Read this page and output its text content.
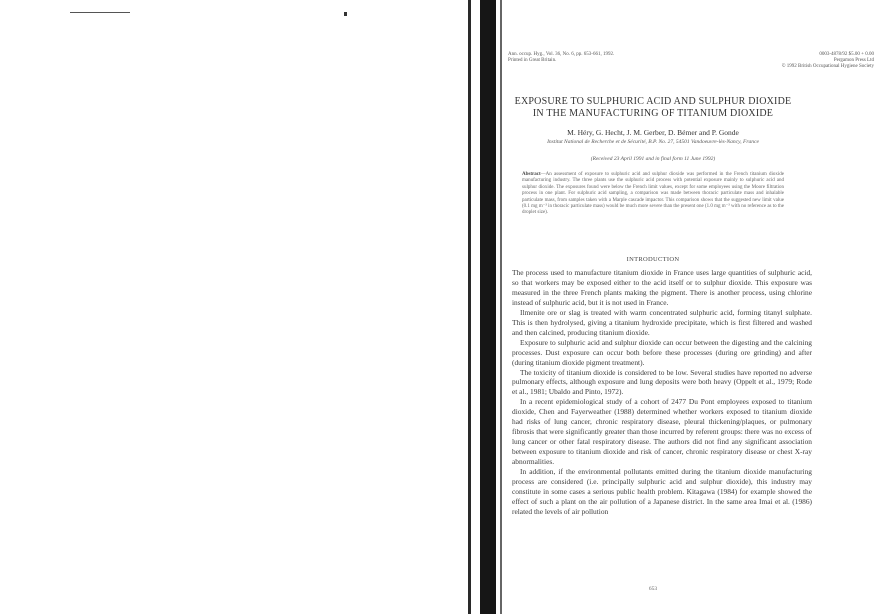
Ann. occup. Hyg., Vol. 36, No. 6, pp. 653-661, 1992.
Printed in Great Britain.
0003-4878/92 $5.00 + 0.00
Pergamon Press Ltd
© 1992 British Occupational Hygiene Society
EXPOSURE TO SULPHURIC ACID AND SULPHUR DIOXIDE IN THE MANUFACTURING OF TITANIUM DIOXIDE
M. Héry, G. Hecht, J. M. Gerber, D. Bémer and P. Gonde
Institut National de Recherche et de Sécurité, B.P. No. 27, 54501 Vandoeuvre-lès-Nancy, France
(Received 23 April 1991 and in final form 11 June 1992)
Abstract—An assessment of exposure to sulphuric acid and sulphur dioxide was performed in the French titanium dioxide manufacturing industry. The three plants use the sulphuric acid process with potential exposure mainly to sulphuric acid and sulphur dioxide. The exposures found were below the French limit values, except for some employees using the Moore filtration process in one plant. For sulphuric acid sampling, a comparison was made between thoracic particulate mass and inhalable particulate mass, from samples taken with a Marple cascade impactor. This comparison shows that the suggested new limit value (0.1 mg m⁻³ in thoracic particulate mass) would be much more severe than the present one (1.0 mg m⁻³ with no reference as to the droplet size).
INTRODUCTION

The process used to manufacture titanium dioxide in France uses large quantities of sulphuric acid, so that workers may be exposed either to the acid itself or to sulphur dioxide. This exposure was measured in the three French plants making the pigment. There is another process, using chlorine instead of sulphuric acid, but it is not used in France.

Ilmenite ore or slag is treated with warm concentrated sulphuric acid, forming titanyl sulphate. This is then hydrolysed, giving a titanium hydroxide precipitate, which is first filtered and washed and then calcined, producing titanium dioxide.

Exposure to sulphuric acid and sulphur dioxide can occur between the digesting and the calcining processes. Dust exposure can occur both before these processes (during ore grinding) and after (during titanium dioxide pigment treatment).

The toxicity of titanium dioxide is considered to be low. Several studies have reported no adverse pulmonary effects, although exposure and lung deposits were both heavy (Oppelt et al., 1979; Rode et al., 1981; Ubaldo and Pinto, 1972).

In a recent epidemiological study of a cohort of 2477 Du Pont employees exposed to titanium dioxide, Chen and Fayerweather (1988) determined whether workers exposed to titanium dioxide had risks of lung cancer, chronic respiratory disease, pleural thickening/plaques, or pulmonary fibrosis that were significantly greater than those incurred by referent groups: there was no excess of lung cancer or other fatal respiratory disease. The authors did not find any significant association between exposure to titanium dioxide and risk of cancer, chronic respiratory disease or chest X-ray abnormalities.

In addition, if the environmental pollutants emitted during the titanium dioxide manufacturing process are considered (i.e. principally sulphuric acid and sulphur dioxide), this industry may constitute in some cases a serious public health problem. Kitagawa (1984) for example showed the effect of such a plant on the air pollution of a Japanese district. In the same area Imai et al. (1986) related the levels of air pollution

653
